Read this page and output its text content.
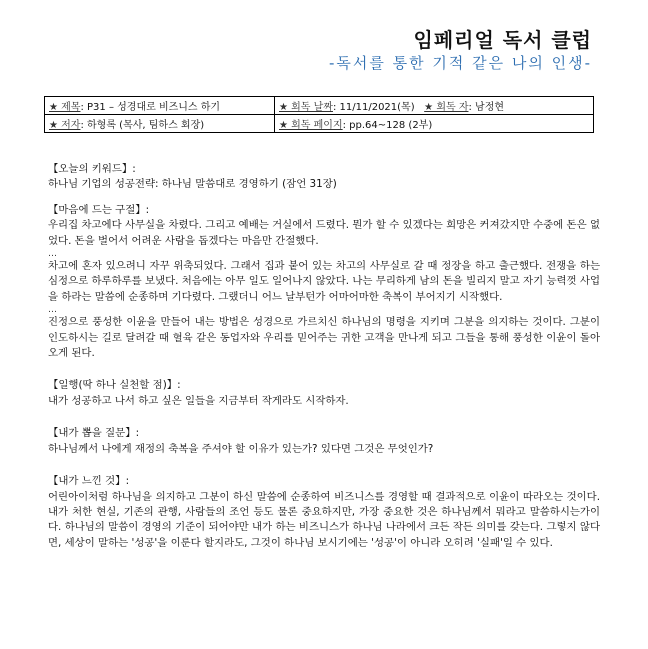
임페리얼 독서 클럽
-독서를 통한 기적 같은 나의 인생-
★ 제목: P31 – 성경대로 비즈니스 하기	★ 회독 날짜: 11/11/2021(목) ★ 회독 자: 남정현
★ 저자: 하형록 (목사, 팀하스 회장)	★ 회독 페이지: pp.64~128 (2부)

【오늘의 키워드】:

하나님 기업의 성공전략: 하나님 말씀대로 경영하기 (잠언 31장)

【마음에 드는 구절】:

우리집 차고에다 사무실을 차렸다. 그리고 예배는 거실에서 드렸다. 뭔가 할 수 있겠다는 희망은 커져갔지만 수중에 돈은 없었다. 돈을 벌어서 어려운 사람을 돕겠다는 마음만 간절했다.

…

차고에 혼자 있으려니 자꾸 위축되었다. 그래서 집과 붙어 있는 차고의 사무실로 갈 때 정장을 하고 출근했다. 전쟁을 하는 심정으로 하루하루를 보냈다. 처음에는 아무 일도 일어나지 않았다. 나는 무리하게 남의 돈을 빌리지 말고 자기 능력껏 사업을 하라는 말씀에 순종하며 기다렸다. 그랬더니 어느 날부턴가 어마어마한 축복이 부어지기 시작했다.

…

진정으로 풍성한 이윤을 만들어 내는 방법은 성경으로 가르치신 하나님의 명령을 지키며 그분을 의지하는 것이다. 그분이 인도하시는 길로 달려갈 때 혈육 같은 동업자와 우리를 믿어주는 귀한 고객을 만나게 되고 그들을 통해 풍성한 이윤이 돌아오게 된다.

【일행(딱 하나 실천할 점)】:

내가 성공하고 나서 하고 싶은 일들을 지금부터 작게라도 시작하자.

【내가 뽑을 질문】:

하나님께서 나에게 재정의 축복을 주셔야 할 이유가 있는가? 있다면 그것은 무엇인가?

【내가 느낀 것】:

어린아이처럼 하나님을 의지하고 그분이 하신 말씀에 순종하여 비즈니스를 경영할 때 결과적으로 이윤이 따라오는 것이다. 내가 처한 현실, 기존의 관행, 사람들의 조언 등도 물론 중요하지만, 가장 중요한 것은 하나님께서 뭐라고 말씀하시는가이다. 하나님의 말씀이 경영의 기준이 되어야만 내가 하는 비즈니스가 하나님 나라에서 크든 작든 의미를 갖는다. 그렇지 않다면, 세상이 말하는 '성공'을 이룬다 할지라도, 그것이 하나님 보시기에는 '성공'이 아니라 오히려 '실패'일 수 있다.
